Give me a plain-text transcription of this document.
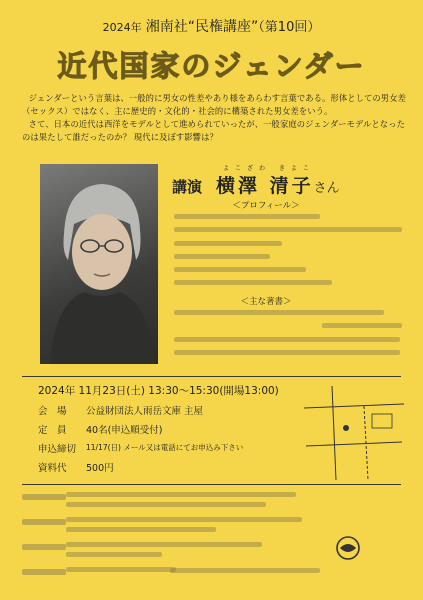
2024年 湘南社“民権講座”（第10回）
近代国家のジェンダー

ジェンダーという言葉は、一般的に男女の性差やあり様をあらわす言葉である。形体としての男女差（セックス）ではなく、主に歴史的・文化的・社会的に構築された男女差をいう。

さて、日本の近代は西洋をモデルとして進められていったが、一般家庭のジェンダーモデルとなったのは果たして誰だったのか？ 現代に及ぼす影響は？

よこざわ きよこ
講演 横澤 清子さん
＜プロフィール＞
＜主な著書＞
2024年 11月23日(土) 13:30～15:30(開場13:00)
会　場	公益財団法人雨岳文庫 主屋
定　員	40名(申込順受付)
申込締切	11/17(日) メール又は電話にてお申込み下さい
資料代	500円
